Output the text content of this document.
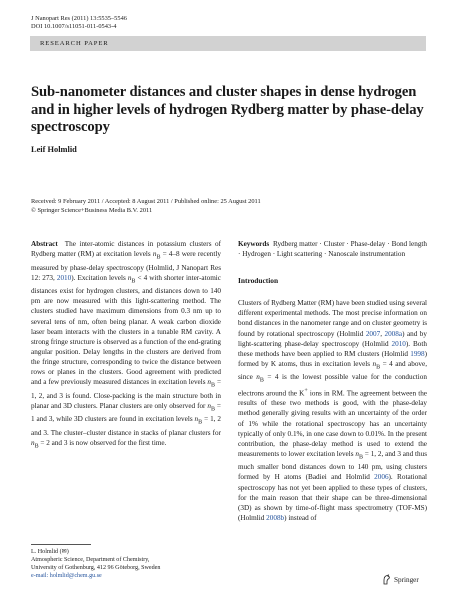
J Nanopart Res (2011) 13:5535–5546
DOI 10.1007/s11051-011-0543-4
RESEARCH PAPER
Sub-nanometer distances and cluster shapes in dense hydrogen and in higher levels of hydrogen Rydberg matter by phase-delay spectroscopy
Leif Holmlid
Received: 9 February 2011 / Accepted: 8 August 2011 / Published online: 25 August 2011
© Springer Science+Business Media B.V. 2011

Abstract The inter-atomic distances in potassium clusters of Rydberg matter (RM) at excitation levels $n_B = 4-8$ were recently measured by phase-delay spectroscopy (Holmlid, J Nanopart Res 12: 273, 2010). Excitation levels $n_B < 4$ with shorter inter-atomic distances exist for hydrogen clusters, and distances down to 140 pm are now measured with this light-scattering method. The clusters studied have maximum dimensions from 0.3 nm up to several tens of nm, often being planar. A weak carbon dioxide laser beam interacts with the clusters in a tunable RM cavity. A strong fringe structure is observed as a function of the end-grating angular position. Delay lengths in the clusters are derived from the fringe structure, corresponding to twice the distance between rows or planes in the clusters. Good agreement with predicted and a few previously measured distances in excitation levels $n_B = 1$, 2, and 3 is found. Close-packing is the main structure both in planar and 3D clusters. Planar clusters are only observed for $n_B = 1$ and 3, while 3D clusters are found in excitation levels $n_B = 1$, 2 and 3. The cluster–cluster distance in stacks of planar clusters for $n_B = 2$ and 3 is now observed for the first time.

Keywords Rydberg matter · Cluster · Phase-delay · Bond length · Hydrogen · Light scattering · Nanoscale instrumentation

Introduction

Clusters of Rydberg Matter (RM) have been studied using several different experimental methods. The most precise information on bond distances in the nanometer range and on cluster geometry is found by rotational spectroscopy (Holmlid 2007, 2008a) and by light-scattering phase-delay spectroscopy (Holmlid 2010). Both these methods have been applied to RM clusters (Holmlid 1998) formed by K atoms, thus in excitation levels $n_B = 4$ and above, since $n_B = 4$ is the lowest possible value for the conduction electrons around the K+ ions in RM. The agreement between the results of these two methods is good, with the phase-delay method generally giving results with an uncertainty of the order of 1% while the rotational spectroscopy has an uncertainty typically of only 0.1%, in one case down to 0.01%. In the present contribution, the phase-delay method is used to extend the measurements to lower excitation levels $n_B = 1$, 2, and 3 and thus much smaller bond distances down to 140 pm, using clusters formed by H atoms (Badiei and Holmlid 2006). Rotational spectroscopy has not yet been applied to these types of clusters, for the main reason that their shape can be three-dimensional (3D) as shown by time-of-flight mass spectrometry (TOF-MS) (Holmlid 2008b) instead of

L. Holmlid (✉)
Atmospheric Science, Department of Chemistry,
University of Gothenburg, 412 96 Göteborg, Sweden
e-mail: holmlid@chem.gu.se	Springer
